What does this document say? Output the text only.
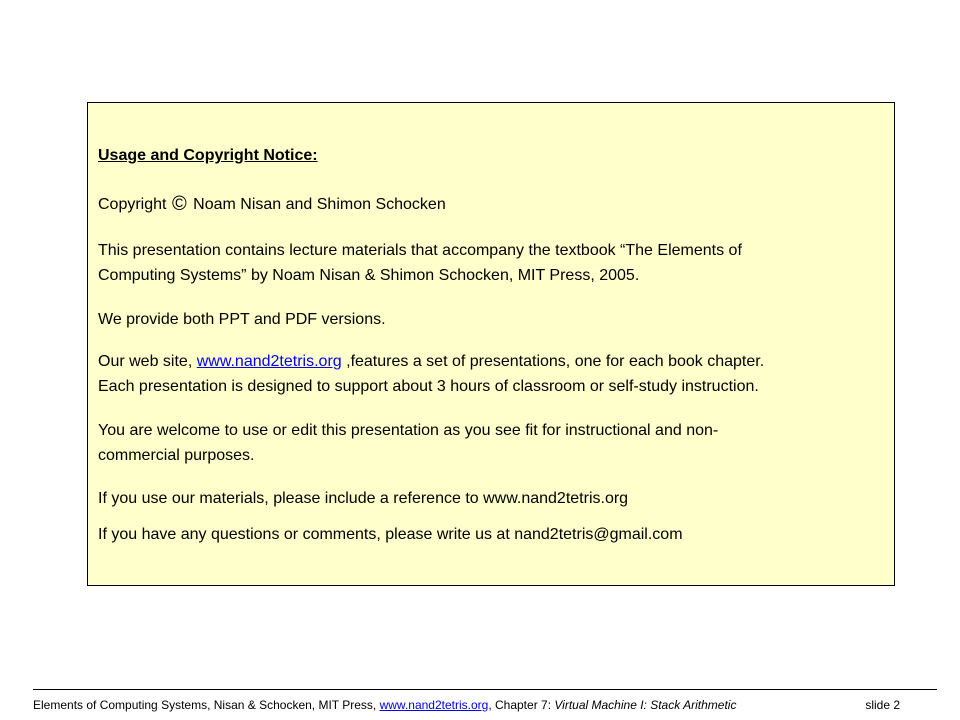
Usage and Copyright Notice:
Copyright © Noam Nisan and Shimon Schocken
This presentation contains lecture materials that accompany the textbook “The Elements of
Computing Systems” by Noam Nisan & Shimon Schocken, MIT Press, 2005.
We provide both PPT and PDF versions.
Our web site, www.nand2tetris.org ,features a set of presentations, one for each book chapter.
Each presentation is designed to support about 3 hours of classroom or self-study instruction.
You are welcome to use or edit this presentation as you see fit for instructional and non-
commercial purposes.
If you use our materials, please include a reference to www.nand2tetris.org
If you have any questions or comments, please write us at nand2tetris@gmail.com
Elements of Computing Systems, Nisan & Schocken, MIT Press, www.nand2tetris.org, Chapter 7: Virtual Machine I: Stack Arithmetic	slide 2
